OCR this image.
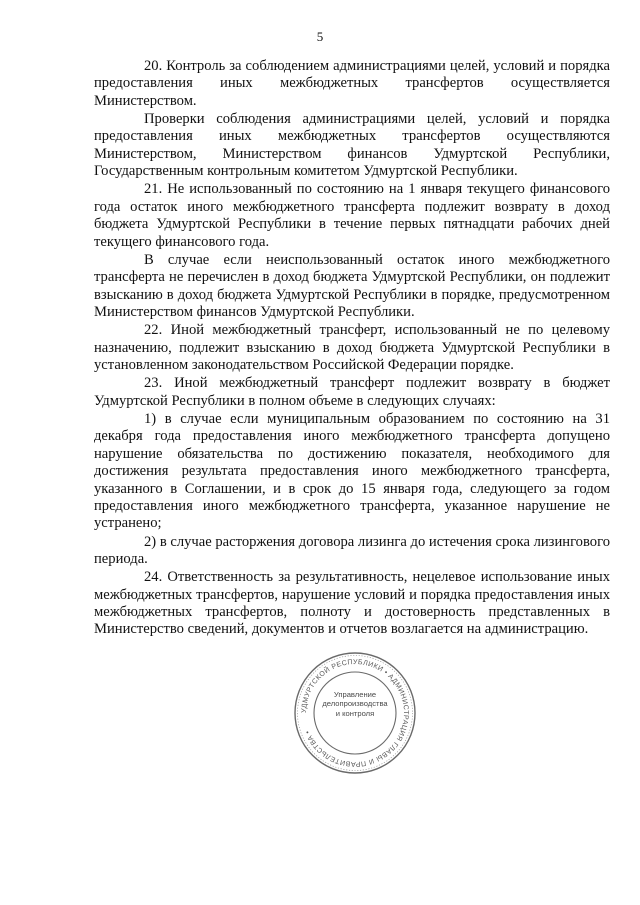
5

20. Контроль за соблюдением администрациями целей, условий и порядка предоставления иных межбюджетных трансфертов осуществляется Министерством.

Проверки соблюдения администрациями целей, условий и порядка предоставления иных межбюджетных трансфертов осуществляются Министерством, Министерством финансов Удмуртской Республики, Государственным контрольным комитетом Удмуртской Республики.

21. Не использованный по состоянию на 1 января текущего финансового года остаток иного межбюджетного трансферта подлежит возврату в доход бюджета Удмуртской Республики в течение первых пятнадцати рабочих дней текущего финансового года.

В случае если неиспользованный остаток иного межбюджетного трансферта не перечислен в доход бюджета Удмуртской Республики, он подлежит взысканию в доход бюджета Удмуртской Республики в порядке, предусмотренном Министерством финансов Удмуртской Республики.

22. Иной межбюджетный трансферт, использованный не по целевому назначению, подлежит взысканию в доход бюджета Удмуртской Республики в установленном законодательством Российской Федерации порядке.

23. Иной межбюджетный трансферт подлежит возврату в бюджет Удмуртской Республики в полном объеме в следующих случаях:

1) в случае если муниципальным образованием по состоянию на 31 декабря года предоставления иного межбюджетного трансферта допущено нарушение обязательства по достижению показателя, необходимого для достижения результата предоставления иного межбюджетного трансферта, указанного в Соглашении, и в срок до 15 января года, следующего за годом предоставления иного межбюджетного трансферта, указанное нарушение не устранено;

2) в случае расторжения договора лизинга до истечения срока лизингового периода.

24. Ответственность за результативность, нецелевое использование иных межбюджетных трансфертов, нарушение условий и порядка предоставления иных межбюджетных трансфертов, полноту и достоверность представленных в Министерство сведений, документов и отчетов возлагается на администрацию.

УДМУРТСКОЙ РЕСПУБЛИКИ • АДМИНИСТРАЦИЯ ГЛАВЫ И ПРАВИТЕЛЬСТВА •
Управление
делопроизводства
и контроля
